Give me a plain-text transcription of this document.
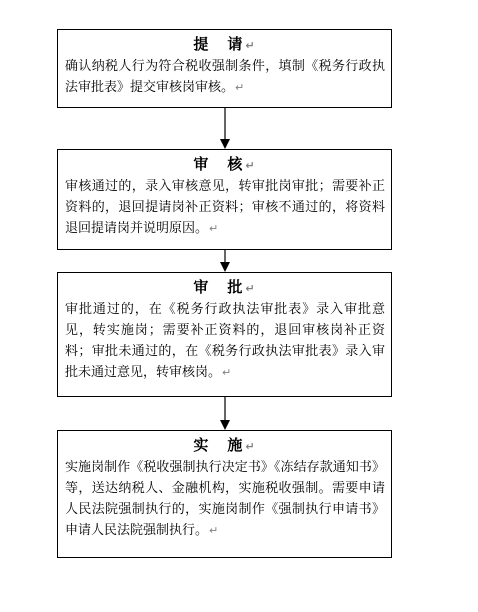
提　请↵
确认纳税人行为符合税收强制条件，填制《税务行政执法审批表》提交审核岗审核。↵
审　核↵
审核通过的，录入审核意见，转审批岗审批；需要补正资料的，退回提请岗补正资料；审核不通过的，将资料退回提请岗并说明原因。↵
审　批↵
审批通过的，在《税务行政执法审批表》录入审批意见，转实施岗；需要补正资料的，退回审核岗补正资料；审批未通过的，在《税务行政执法审批表》录入审批未通过意见，转审核岗。↵
实　施↵
实施岗制作《税收强制执行决定书》《冻结存款通知书》等，送达纳税人、金融机构，实施税收强制。需要申请人民法院强制执行的，实施岗制作《强制执行申请书》申请人民法院强制执行。↵
